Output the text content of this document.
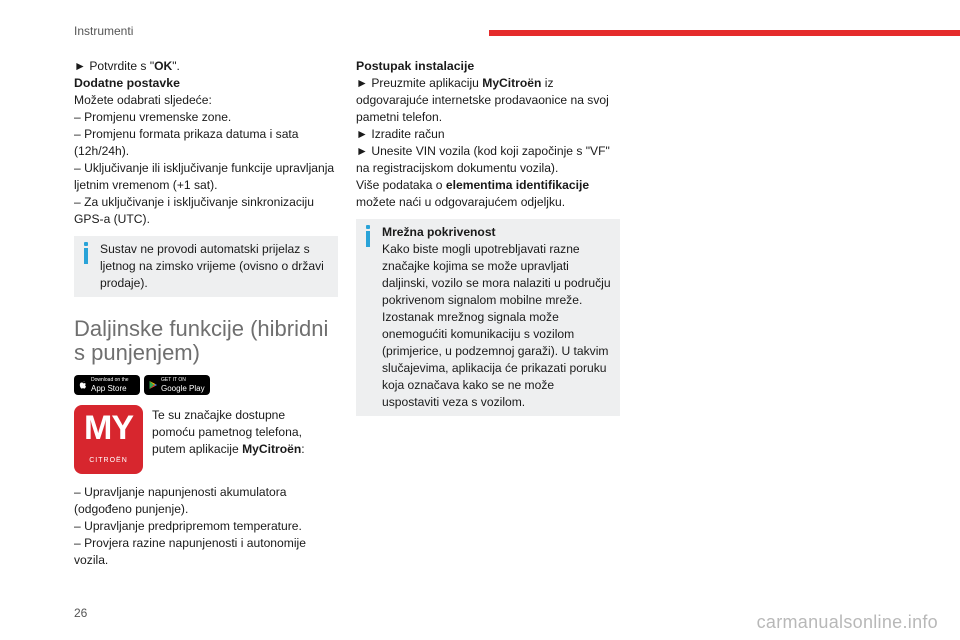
Instrumenti

► Potvrdite s "OK".

Dodatne postavke

Možete odabrati sljedeće:

– Promjenu vremenske zone.

– Promjenu formata prikaza datuma i sata (12h/24h).

– Uključivanje ili isključivanje funkcije upravljanja ljetnim vremenom (+1 sat).

– Za uključivanje i isključivanje sinkronizaciju GPS-a (UTC).

Sustav ne provodi automatski prijelaz s ljetnog na zimsko vrijeme (ovisno o državi prodaje).

Daljinske funkcije (hibridni s punjenjem)
Download on the
App Store
GET IT ON
Google Play
MY
CITROËN

Te su značajke dostupne pomoću pametnog telefona, putem aplikacije MyCitroën:

– Upravljanje napunjenosti akumulatora (odgođeno punjenje).

– Upravljanje predpripremom temperature.

– Provjera razine napunjenosti i autonomije vozila.

Postupak instalacije

► Preuzmite aplikaciju MyCitroën iz odgovarajuće internetske prodavaonice na svoj pametni telefon.

► Izradite račun

► Unesite VIN vozila (kod koji započinje s "VF" na registracijskom dokumentu vozila).

Više podataka o elementima identifikacije možete naći u odgovarajućem odjeljku.

Mrežna pokrivenost

Kako biste mogli upotrebljavati razne značajke kojima se može upravljati daljinski, vozilo se mora nalaziti u području pokrivenom signalom mobilne mreže.

Izostanak mrežnog signala može onemogućiti komunikaciju s vozilom (primjerice, u podzemnoj garaži). U takvim slučajevima, aplikacija će prikazati poruku koja označava kako se ne može uspostaviti veza s vozilom.

26	carmanualsonline.info
